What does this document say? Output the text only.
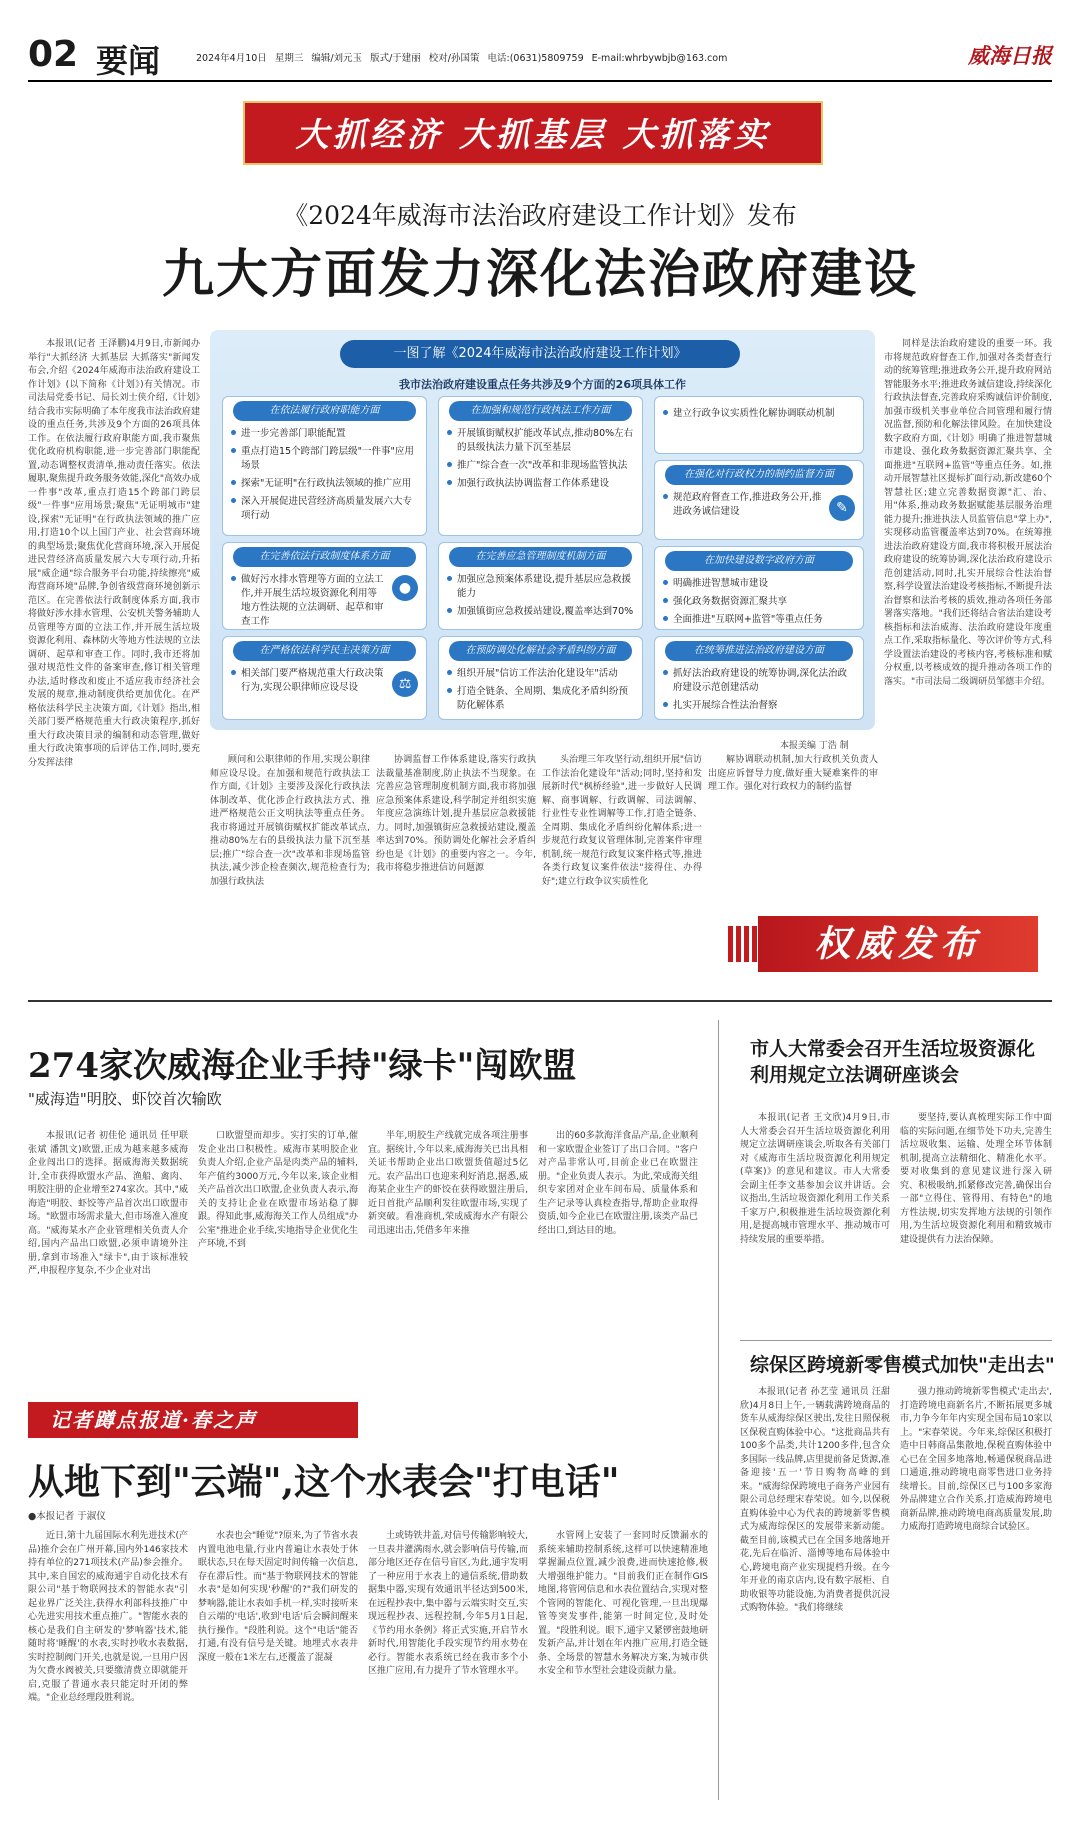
02 要闻	2024年4月10日 星期三 编辑/刘元玉 版式/于建丽 校对/孙国策 电话:(0631)5809759 E-mail:whrbywbjb@163.com	威海日报
大抓经济 大抓基层 大抓落实
《2024年威海市法治政府建设工作计划》发布
九大方面发力深化法治政府建设

本报讯(记者 王泽鹏)4月9日,市新闻办举行"大抓经济 大抓基层 大抓落实"新闻发布会,介绍《2024年威海市法治政府建设工作计划》(以下简称《计划》)有关情况。市司法局党委书记、局长刘士侠介绍,《计划》结合我市实际明确了本年度我市法治政府建设的重点任务,共涉及9个方面的26项具体工作。在依法履行政府职能方面,我市聚焦优化政府机构职能,进一步完善部门职能配置,动态调整权责清单,推动责任落实。依法履职,聚焦提升政务服务效能,深化"高效办成一件事"改革,重点打造15个跨部门跨层级"一件事"应用场景;聚焦"无证明城市"建设,探索"无证明"在行政执法领域的推广应用,打造10个以上国门产业、社会营商环境的典型场景;聚焦优化营商环境,深入开展促进民营经济高质量发展六大专项行动,升拓展"威企通"综合服务平台功能,持续擦亮"威海营商环境"品牌,争创省级营商环境创新示范区。在完善依法行政制度体系方面,我市将做好涉水排水管理、公安机关警务辅助人员管理等方面的立法工作,并开展生活垃圾资源化利用、森林防火等地方性法规的立法调研、起草和审查工作。同时,我市还将加强对规范性文件的备案审查,修订相关管理办法,适时修改和废止不适应我市经济社会发展的规章,推动制度供给更加优化。在严格依法科学民主决策方面,《计划》指出,相关部门要严格规范重大行政决策程序,抓好重大行政决策目录的编制和动态管理,做好重大行政决策事项的后评估工作,同时,要充分发挥法律	顾问和公职律师的作用,实现公职律师应设尽设。在加强和规范行政执法工作方面,《计划》主要涉及深化行政执法体制改革、优化涉企行政执法方式、推进严格规范公正文明执法等重点任务。我市将通过开展镇街赋权扩能改革试点,推动80%左右的县级执法力量下沉至基层;推广"综合查一次"改革和非现场监管执法,减少涉企检查频次,规范检查行为;加强行政执法

协调监督工作体系建设,落实行政执法裁量基准制度,防止执法不当现象。在完善应急管理制度机制方面,我市将加强应急预案体系建设,科学制定并组织实施年度应急演练计划,提升基层应急救援能力。同时,加强镇街应急救援站建设,覆盖率达到70%。预防调处化解社会矛盾纠纷也是《计划》的重要内容之一。今年,我市将稳步推进信访问题源

头治理三年攻坚行动,组织开展"信访工作法治化建设年"活动;同时,坚持和发展新时代"枫桥经验",进一步做好人民调解、商事调解、行政调解、司法调解、行业性专业性调解等工作,打造全链条、全周期、集成化矛盾纠纷化解体系;进一步规范行政复议管理体制,完善案件审理机制,统一规范行政复议案件格式等,推进各类行政复议案件依法"接得住、办得好";建立行政争议实质性化

解协调联动机制,加大行政机关负责人出庭应诉督导力度,做好重大疑难案件的审理工作。强化对行政权力的制约监督

同样是法治政府建设的重要一环。我市将规范政府督查工作,加强对各类督查行动的统筹管理;推进政务公开,提升政府网站智能服务水平;推进政务诚信建设,持续深化行政执法督查,完善政府采购诚信评价制度,加强市级机关事业单位合同管理和履行情况监督,预防和化解法律风险。在加快建设数字政府方面,《计划》明确了推进智慧城市建设、强化政务数据资源汇聚共享、全面推进"互联网+监管"等重点任务。如,推动开展智慧社区提标扩面行动,新改建60个智慧社区;建立完善数据资源"汇、治、用"体系,推动政务数据赋能基层服务治理能力提升;推进执法人员监管信息"掌上办",实现移动监管覆盖率达到70%。在统筹推进法治政府建设方面,我市将积极开展法治政府建设的统筹协调,深化法治政府建设示范创建活动,同时,扎实开展综合性法治督察,科学设置法治建设考核指标,不断提升法治督察和法治考核的质效,推动各项任务部署落实落地。"我们还将结合省法治建设考核指标和法治威海、法治政府建设年度重点工作,采取指标量化、等次评价等方式,科学设置法治建设的考核内容,考核标准和赋分权重,以考核成效的提升推动各项工作的落实。"市司法局二级调研员邹德丰介绍。

一图了解《2024年威海市法治政府建设工作计划》
我市法治政府建设重点任务共涉及9个方面的26项具体工作
在依法履行政府职能方面
进一步完善部门职能配置
重点打造15个跨部门跨层级"一件事"应用场景
探索"无证明"在行政执法领域的推广应用
深入开展促进民营经济高质量发展六大专项行动
在完善依法行政制度体系方面
做好污水排水管理等方面的立法工作,并开展生活垃圾资源化利用等地方性法规的立法调研、起草和审查工作
●
在严格依法科学民主决策方面
相关部门要严格规范重大行政决策行为,实现公职律师应设尽设	⚖
在加强和规范行政执法工作方面
开展镇街赋权扩能改革试点,推动80%左右的县级执法力量下沉至基层
推广"综合查一次"改革和非现场监管执法
加强行政执法协调监督工作体系建设
在完善应急管理制度机制方面
加强应急预案体系建设,提升基层应急救援能力
加强镇街应急救援站建设,覆盖率达到70%
在预防调处化解社会矛盾纠纷方面
组织开展"信访工作法治化建设年"活动
打造全链条、全周期、集成化矛盾纠纷预防化解体系
建立行政争议实质性化解协调联动机制
在强化对行政权力的制约监督方面
规范政府督查工作,推进政务公开,推进政务诚信建设	✎
在加快建设数字政府方面
明确推进智慧城市建设
强化政务数据资源汇聚共享
全面推进"互联网+监管"等重点任务
在统筹推进法治政府建设方面
抓好法治政府建设的统筹协调,深化法治政府建设示范创建活动
扎实开展综合性法治督察
本报美编 丁浩 制
权威发布
274家次威海企业手持"绿卡"闯欧盟
"威海造"明胶、虾饺首次输欧

本报讯(记者 初佳伦 通讯员 任甲联 张斌 潘凯文)欧盟,正成为越来越多威海企业闯出口的选择。据威海海关数据统计,全市获得欧盟水产品、渔船、禽肉、明胶注册的企业增至274家次。其中,"威海造"明胶、虾饺等产品首次出口欧盟市场。"欧盟市场需求量大,但市场准入准度高。"威海某水产企业管理相关负责人介绍,国内产品出口欧盟,必须申请境外注册,拿到市场准入"绿卡",由于该标准较严,申报程序复杂,不少企业对出

口欧盟望而却步。实打实的订单,催发企业出口积极性。威海市某明胶企业负责人介绍,企业产品是肉类产品的辅料,年产值约3000万元,今年以来,该企业相关产品首次出口欧盟,企业负责人表示,海关的支持让企业在欧盟市场站稳了脚跟。得知此事,威海海关工作人员组成"办公室"推进企业手续,实地指导企业优化生产环境,不到

半年,明胶生产线就完成各项注册事宜。据统计,今年以来,威海海关已出具相关证书帮助企业出口欧盟货值超过5亿元。农产品出口也迎来利好消息,据悉,威海某企业生产的虾饺在获得欧盟注册后,近日首批产品顺利发往欧盟市场,实现了新突破。看准商机,荣成威海水产有限公司迅速出击,凭借多年来推

出的60多款海洋食品产品,企业顺利和一家欧盟企业签订了出口合同。"客户对产品非常认可,目前企业已在欧盟注册。"企业负责人表示。为此,荣成海关组织专家团对企业车间布局、质量体系和生产记录等认真检查指导,帮助企业取得资质,如今企业已在欧盟注册,该类产品已经出口,到达目的地。

市人大常委会召开生活垃圾资源化利用规定立法调研座谈会

本报讯(记者 王文欣)4月9日,市人大常委会召开生活垃圾资源化利用规定立法调研座谈会,听取各有关部门对《威海市生活垃圾资源化利用规定(草案)》的意见和建议。市人大常委会副主任李文基参加会议并讲话。会议指出,生活垃圾资源化利用工作关系千家万户,积极推进生活垃圾资源化利用,是提高城市管理水平、推动城市可持续发展的重要举措。

要坚持,要认真梳理实际工作中面临的实际问题,在细节处下功夫,完善生活垃圾收集、运输、处理全环节体制机制,提高立法精细化、精准化水平。要对收集到的意见建议进行深入研究、积极吸纳,抓紧修改完善,确保出台一部"立得住、管得用、有特色"的地方性法规,切实发挥地方法规的引领作用,为生活垃圾资源化利用和精致城市建设提供有力法治保障。

综保区跨境新零售模式加快"走出去"

本报讯(记者 孙艺莹 通讯员 汪甜欣)4月8日上午,一辆载满跨境商品的货车从威海综保区驶出,发往日照保税区保税直购体验中心。"这批商品共有100多个品类,共计1200多件,包含众多国际一线品牌,店里提前备足货源,准备迎接'五一'节日购物高峰的到来。"威海综保跨境电子商务产业园有限公司总经理宋春荣说。如今,以保税直购体验中心为代表的跨境新零售模式为威海综保区的发展带来新动能。截至目前,该模式已在全国多地落地开花,先后在临沂、淄博等地布局体验中心,跨境电商产业实现提档升级。在今年开业的南京店内,设有数字展柜、自助收银等功能设施,为消费者提供沉浸式购物体验。"我们将继续

强力推动跨境新零售模式'走出去',打造跨境电商新名片,不断拓展更多城市,力争今年年内实现全国布局10家以上。"宋春荣说。今年来,综保区积极打造中日韩商品集散地,保税直购体验中心已在全国多地落地,畅通保税商品进口通道,推动跨境电商零售进口业务持续增长。目前,综保区已与100多家海外品牌建立合作关系,打造威海跨境电商新品牌,推动跨境电商高质量发展,助力威海打造跨境电商综合试验区。

记者蹲点报道·春之声
从地下到"云端",这个水表会"打电话"
●本报记者 于淑仪

近日,第十九届国际水利先进技术(产品)推介会在广州开幕,国内外146家技术持有单位的271项技术(产品)参会推介。其中,来自国宏的威海通宇自动化技术有限公司"基于物联网技术的智能水表"引起业界广泛关注,获得水利部科技推广中心先进实用技术重点推广。"智能水表的核心是我们自主研发的'梦响器'技术,能随时将'睡醒'的水表,实时抄收水表数据,实时控制阀门开关,也就是说,一旦用户因为欠费水阀被关,只要缴清费立即就能开启,克服了普通水表只能定时开闭的弊端。"企业总经理段胜利说。

水表也会"睡觉"?原来,为了节省水表内置电池电量,行业内普遍让水表处于休眠状态,只在每天固定时间传输一次信息,存在滞后性。而"基于物联网技术的智能水表"是如何实现'秒醒'的?"我们研发的梦响器,能让水表如手机一样,实时接听来自云端的'电话',收到'电话'后会瞬间醒来执行操作。"段胜利说。这个"电话"能否打通,有没有信号是关键。地埋式水表井深度一般在1米左右,还覆盖了混凝

土或铸铁井盖,对信号传输影响较大,一旦表井灌满雨水,就会影响信号传输,而部分地区还存在信号盲区,为此,通宇发明了一种应用于水表上的通信系统,借助数据集中器,实现有效通讯半径达到500米,在远程抄表中,集中器与云端实时交互,实现远程抄表、远程控制,今年5月1日起,《节约用水条例》将正式实施,开启节水新时代,用智能化手段实现节约用水势在必行。智能水表系统已经在我市多个小区推广应用,有力提升了节水管理水平。

水管网上安装了一套同时反馈漏水的系统来辅助控制系统,这样可以快速精准地掌握漏点位置,减少浪费,进而快速抢修,极大增强维护能力。"目前我们正在制作GIS地图,将管网信息和水表位置结合,实现对整个管网的智能化、可视化管理,一旦出现爆管等突发事件,能第一时间定位,及时处置。"段胜利说。眼下,通宇又紧锣密鼓地研发新产品,并计划在年内推广应用,打造全链条、全场景的智慧水务解决方案,为城市供水安全和节水型社会建设贡献力量。
